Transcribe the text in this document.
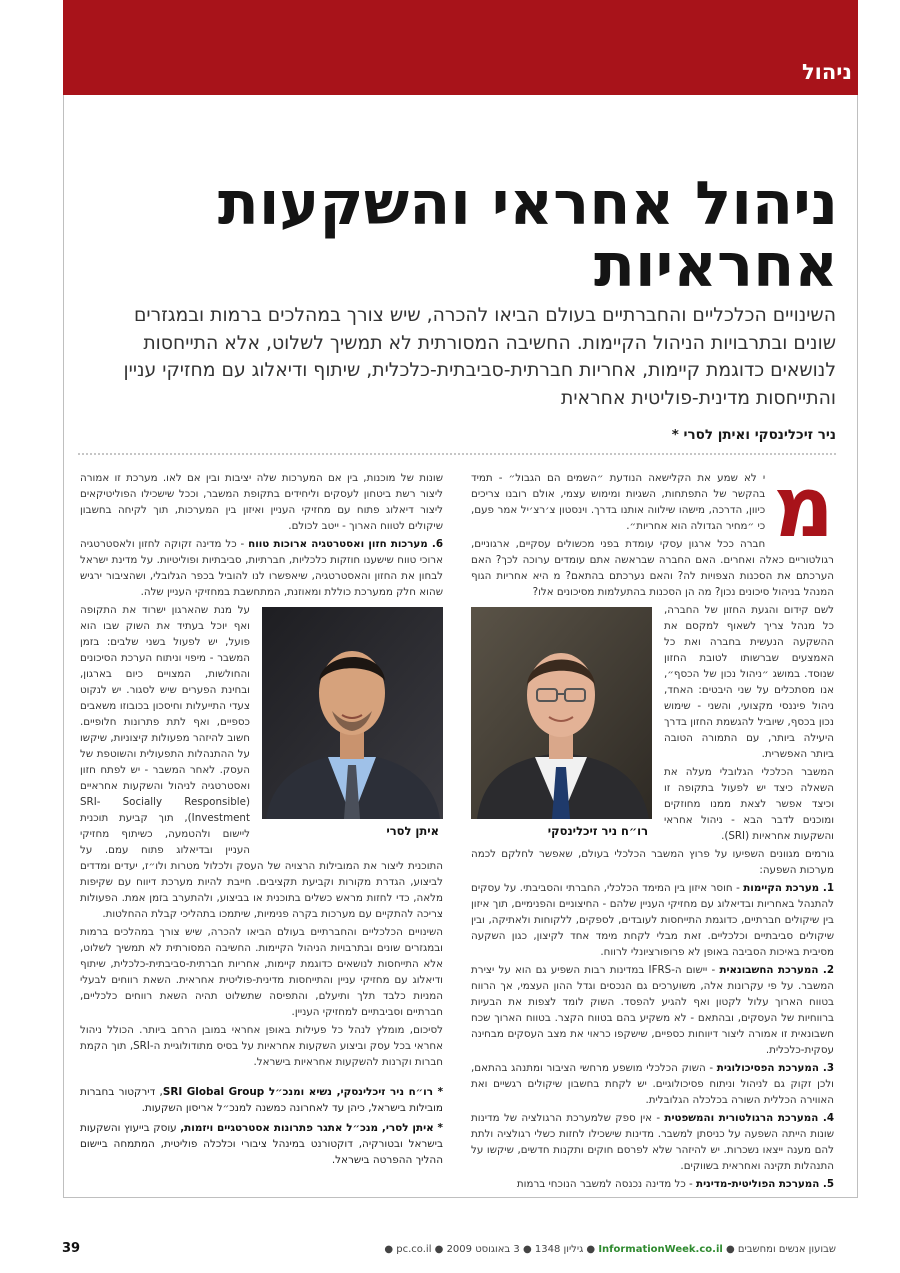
ניהול
ניהול אחראי והשקעות אחראיות

השינויים הכלכליים והחברתיים בעולם הביאו להכרה, שיש צורך במהלכים ברמות ובמגזרים שונים ובתרבויות הניהול הקיימות. החשיבה המסורתית לא תמשיך לשלוט, אלא התייחסות לנושאים כדוגמת קיימות, אחריות חברתית-סביבתית-כלכלית, שיתוף ודיאלוג עם מחזיקי עניין והתייחסות מדינית-פוליטית אחראית

ניר זיכלינסקי ואיתן לסרי *

מ

י לא שמע את הקלישאה הנודעת ״השמים הם הגבול״ - תמיד בהקשר של התפתחות, השגיות ומימוש עצמי, אולם רובנו צריכים כיוון, הדרכה, מישהו שילווה אותנו בדרך. וינסטון צ׳רצ׳יל אמר פעם, כי ״מחיר הגדולה הוא אחריות״.

חברה ככל ארגון עסקי עומדת בפני מכשולים עסקיים, ארגוניים, רגולטוריים כאלה ואחרים. האם החברה שבראשה אתם עומדים ערוכה לכך? האם הערכתם את הסכנות הצפויות לה? והאם נערכתם בהתאם? מ היא אחריות הגוף המנהל בניהול סיכונים נכון? מה הן הסכנות בהתעלמות מסיכונים אלו?

רו״ח ניר זיכלינסקי

לשם קידום והגעת החזון של החברה, כל מנהל צריך לשאוף למקסם את ההשקעה הנעשית בחברה ואת כל האמצעים שברשותו לטובת החזון שנוסד. במושג ״ניהול נכון של הכסף״, אנו מסתכלים על שני היבטים: האחד, ניהול פיננסי מקצועי, והשני - שימוש נכון בכסף, שיוביל להגשמת החזון בדרך היעילה ביותר, עם התמורה הטובה ביותר האפשרית.

המשבר הכלכלי הגלובלי מעלה את השאלה כיצד יש לפעול בתקופה זו וכיצד אפשר לצאת ממנו מחוזקים ומוכנים לדבר הבא - ניהול אחראי והשקעות אחראיות (SRI).

גורמים מגוונים השפיעו על פרוץ המשבר הכלכלי בעולם, שאפשר לחלקם לכמה מערכות השפעה:

1. מערכת הקיימות - חוסר איזון בין המימד הכלכלי, החברתי והסביבתי. על עסקים להתנהל באחריות ובדיאלוג עם מחזיקי העניין שלהם - החיצוניים והפנימיים, תוך איזון בין שיקולים חברתיים, כדוגמת התייחסות לעובדים, לספקים, ללקוחות ולאתיקה, ובין שיקולים סביבתיים וכלכליים. זאת מבלי לקחת מימד אחד לקיצון, כגון השקעה מסיבית באיכות הסביבה באופן לא פרופורציונלי לרווח.

2. המערכת החשבונאית - יישום ה-IFRS במדינות רבות השפיע גם הוא על יצירת המשבר. על פי עקרונות אלה, משוערכים גם הנכסים וגדל ההון העצמי, אך הרווח בטווח הארוך עלול לקטון ואף להגיע להפסד. השוק לומד לצפות את הבעיות ברווחיות של העסקים, ובהתאם - לא משקיע בהם בטווח הקצר. בטווח הארוך שכח חשבונאית זו אמורה ליצור דיווחות כספיים, שישקפו כראוי את מצב העסקים מבחינה עסקית-כלכלית.

3. המערכת הפסיכולוגית - השוק הכלכלי מושפע מרחשי הציבור ומתנהג בהתאם, ולכן זקוק גם לניהול וניתוח פסיכולוגיים. יש לקחת בחשבון שיקולים רגשיים ואת האווירה הכללית השורה בכלכלה הגלובלית.

4. המערכת הרגולטורית והמשפטית - אין ספק שלמערכת הרגולציה של מדינות שונות הייתה השפעה על כניסתן למשבר. מדינות שישכילו לחזות כשלי רגולציה ולתת להם מענה ייצאו נשכרות. יש להיזהר שלא לפרסם חוקים ותקנות חדשים, שיקשו על התנהלות תקינה ואחראית בשווקים.

5. המערכת הפוליטית-מדינית - כל מדינה נכנסה למשבר הנוכחי ברמות

שונות של מוכנות, בין אם המערכות שלה יציבות ובין אם לאו. מערכת זו אמורה ליצור רשת ביטחון לעסקים וליחידים בתקופת המשבר, וככל שישכילו הפוליטיקאים ליצור דיאלוג פתוח עם מחזיקי העניין ואיזון בין המערכות, תוך לקיחה בחשבון שיקולים לטווח הארוך - ייטב לכולם.

6. מערכות חזון ואסטרטגיה ארוכות טווח - כל מדינה זקוקה לחזון ולאסטרטגיה ארוכי טווח שישענו חוזקות כלכליות, חברתיות, סביבתיות ופוליטיות. על מדינת ישראל לבחון את החזון והאסטרטגיה, שיאפשרו לנו להוביל בכפר הגלובלי, ושהציבור ירגיש שהוא חלק ממערכת כוללת ומאוזנת, המתחשבת במחזיקי העניין שלה.

איתן לסרי

על מנת שהארגון ישרוד את התקופה ואף יוכל בעתיד את השוק שבו הוא פועל, יש לפעול בשני שלבים: בזמן המשבר - מיפוי וניתוח הערכת הסיכונים והחולשות, המצויים כיום בארגון, ובחינת הפערים שיש לסגור. יש לנקוט צעדי התייעלות וחיסכון בכובוזו משאבים כספיים, ואף לתת פתרונות חלופיים. חשוב להיזהר מפעולות קיצוניות, שיקשו על ההתנהלות התפעולית והשוטפת של העסק. לאחר המשבר - יש לפתח חזון ואסטרטגיה לניהול והשקעות אחראיים (SRI- Socially Responsible Investment), תוך קביעת תוכנית ליישום ולהטמעה, כשיתוף מחזיקי העניין ובדיאלוג פתוח עמם. על התוכנית ליצור את המובילות הרצויה של העסק ולכלול מטרות ולו״ז, יעדים ומדדים לביצוע, הגדרת מקורות וקביעת תקציבים. חייבת להיות מערכת דיווח עם שקיפות מלאה, כדי לחזות מראש כשלים בתוכנית או בביצוע, ולהתערב בזמן אמת. הפעולות צריכה להתקיים עם מערכות בקרה פנימיות, שיתמכו בתהליכי קבלת ההחלטות.

השינויים הכלכליים והחברתיים בעולם הביאו להכרה, שיש צורך במהלכים ברמות ובמגזרים שונים ובתרבויות הניהול הקיימות. החשיבה המסורתית לא תמשיך לשלוט, אלא התייחסות לנושאים כדוגמת קיימות, אחריות חברתית-סביבתית-כלכלית, שיתוף ודיאלוג עם מחזיקי עניין והתייחסות מדינית-פוליטית אחראית. השאת רווחים לבעלי המניות כלבד תלך ותיעלם, והתפיסה שתשלוט תהיה השאת רווחים כלכליים, חברתיים וסביבתיים למחזיקי העניין.

לסיכום, מומלץ לנהל כל פעילות באופן אחראי במובן הרחב ביותר. הכולל ניהול אחראי בכל עסק וביצוע השקעות אחראיות על בסיס מתודולוגיית ה-SRI, תוך הקמת חברות וקרנות להשקעות אחראיות בישראל.

* רו״ח ניר זיכלינסקי, נשיא ומנכ״ל SRI Global Group, דירקטור בחברות מובילות בישראל, כיהן עד לאחרונה כמשנה למנכ״ל אריסון השקעות.

* איתן לסרי, מנכ״ל אתגר פתרונות אסטרטגיים ויזמות, עוסק בייעוץ והשקעות בישראל ובטורקיה, דוקטורנט במינהל ציבורי וכלכלה פוליטית, המתמחה ביישום ההליך ההפרטה בישראל.

39	שבועון אנשים ומחשבים ● InformationWeek.co.il ● גיליון 1348 ● 3 באוגוסט 2009 ● pc.co.il ●
